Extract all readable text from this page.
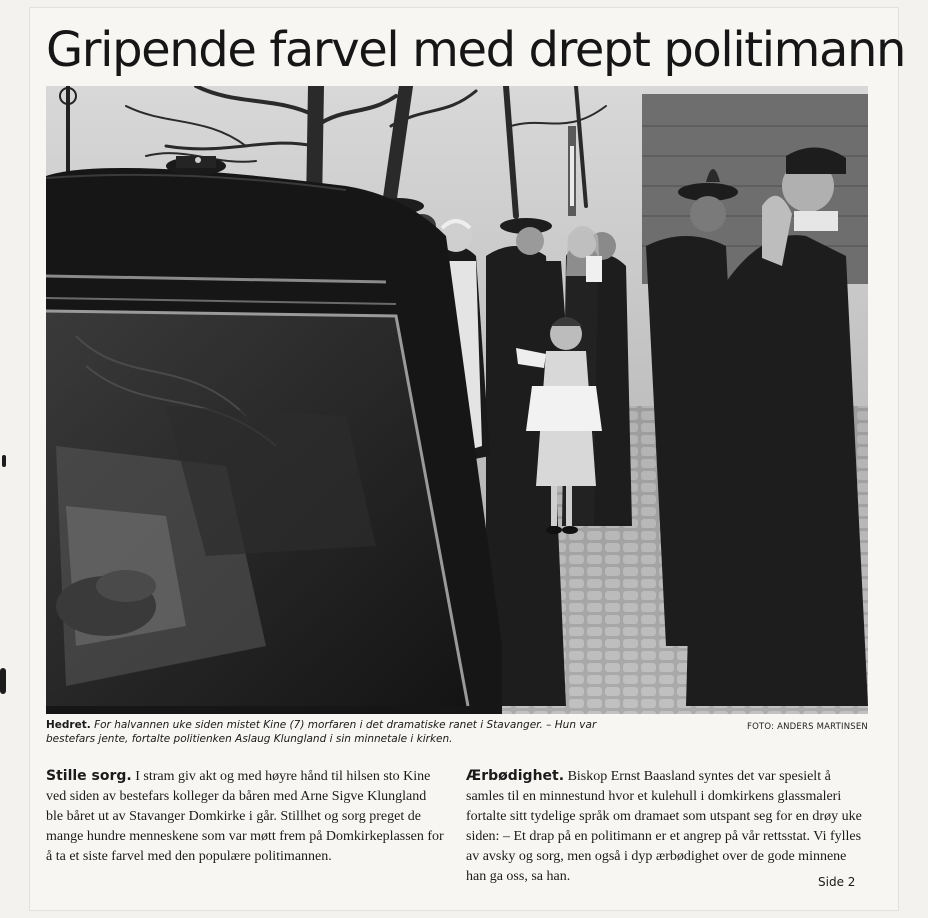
Gripende farvel med drept politimann
Hedret. For halvannen uke siden mistet Kine (7) morfaren i det dramatiske ranet i Stavanger. – Hun var bestefars jente, fortalte politienken Aslaug Klungland i sin minnetale i kirken.
FOTO: ANDERS MARTINSEN
Stille sorg. I stram giv akt og med høyre hånd til hilsen sto Kine ved siden av bestefars kolleger da båren med Arne Sigve Klungland ble båret ut av Stavanger Domkirke i går. Stillhet og sorg preget de mange hundre menneskene som var møtt frem på Domkirkeplassen for å ta et siste farvel med den populære politimannen.
Ærbødighet. Biskop Ernst Baasland syntes det var spesielt å samles til en minnestund hvor et kulehull i domkirkens glassmaleri fortalte sitt tydelige språk om dramaet som utspant seg for en drøy uke siden: – Et drap på en politimann er et angrep på vår rettsstat. Vi fylles av avsky og sorg, men også i dyp ærbødighet over de gode minnene han ga oss, sa han.	Side 2
